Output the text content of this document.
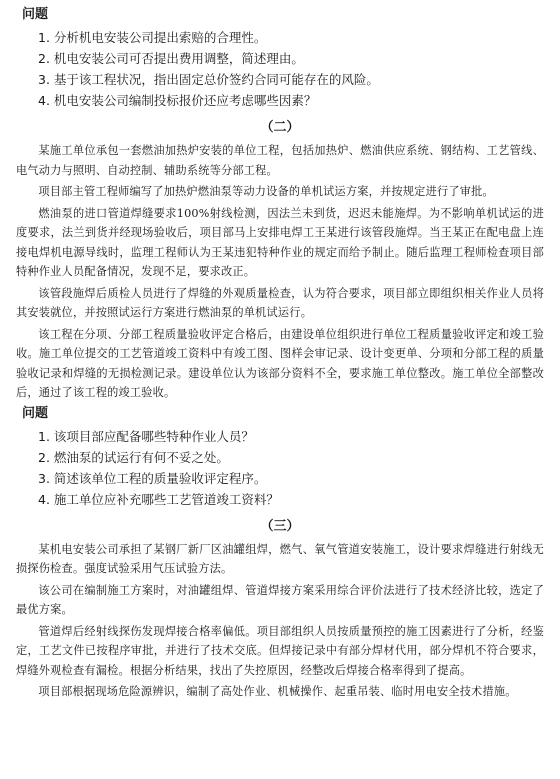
问题
1. 分析机电安装公司提出索赔的合理性。
2. 机电安装公司可否提出费用调整，简述理由。
3. 基于该工程状况，指出固定总价签约合同可能存在的风险。
4. 机电安装公司编制投标报价还应考虑哪些因素？
（二）

某施工单位承包一套燃油加热炉安装的单位工程，包括加热炉、燃油供应系统、钢结构、工艺管线、电气动力与照明、自动控制、辅助系统等分部工程。

项目部主管工程师编写了加热炉燃油泵等动力设备的单机试运方案，并按规定进行了审批。

燃油泵的进口管道焊缝要求100%射线检测，因法兰未到货，迟迟未能施焊。为不影响单机试运的进度要求，法兰到货并经现场验收后，项目部马上安排电焊工王某进行该管段施焊。当王某正在配电盘上连接电焊机电源导线时，监理工程师认为王某违犯特种作业的规定而给予制止。随后监理工程师检查项目部特种作业人员配备情况，发现不足，要求改正。

该管段施焊后质检人员进行了焊缝的外观质量检查，认为符合要求，项目部立即组织相关作业人员将其安装就位，并按照试运行方案进行燃油泵的单机试运行。

该工程在分项、分部工程质量验收评定合格后，由建设单位组织进行单位工程质量验收评定和竣工验收。施工单位提交的工艺管道竣工资料中有竣工图、图样会审记录、设计变更单、分项和分部工程的质量验收记录和焊缝的无损检测记录。建设单位认为该部分资料不全，要求施工单位整改。施工单位全部整改后，通过了该工程的竣工验收。

问题
1. 该项目部应配备哪些特种作业人员？
2. 燃油泵的试运行有何不妥之处。
3. 简述该单位工程的质量验收评定程序。
4. 施工单位应补充哪些工艺管道竣工资料？
（三）

某机电安装公司承担了某钢厂新厂区油罐组焊，燃气、氧气管道安装施工，设计要求焊缝进行射线无损探伤检查。强度试验采用气压试验方法。

该公司在编制施工方案时，对油罐组焊、管道焊接方案采用综合评价法进行了技术经济比较，选定了最优方案。

管道焊后经射线探伤发现焊接合格率偏低。项目部组织人员按质量预控的施工因素进行了分析，经鉴定，工艺文件已按程序审批，并进行了技术交底。但焊接记录中有部分焊材代用，部分焊机不符合要求，焊缝外观检查有漏检。根据分析结果，找出了失控原因，经整改后焊接合格率得到了提高。

项目部根据现场危险源辨识，编制了高处作业、机械操作、起重吊装、临时用电安全技术措施。
